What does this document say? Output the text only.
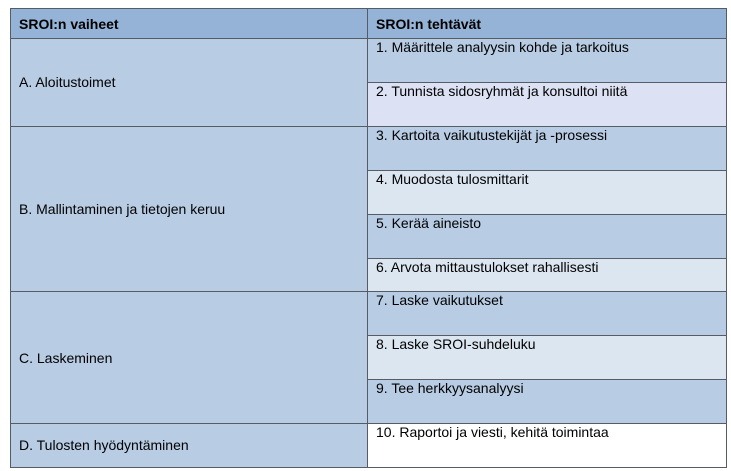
SROI:n vaiheet	SROI:n tehtävät
A. Aloitustoimet	1. Määrittele analyysin kohde ja tarkoitus
	2. Tunnista sidosryhmät ja konsultoi niitä
B. Mallintaminen ja tietojen keruu	3. Kartoita vaikutustekijät ja -prosessi
	4. Muodosta tulosmittarit
	5. Kerää aineisto
	6. Arvota mittaustulokset rahallisesti
C. Laskeminen	7. Laske vaikutukset
	8. Laske SROI-suhdeluku
	9. Tee herkkyysanalyysi
D. Tulosten hyödyntäminen	10. Raportoi ja viesti, kehitä toimintaa
